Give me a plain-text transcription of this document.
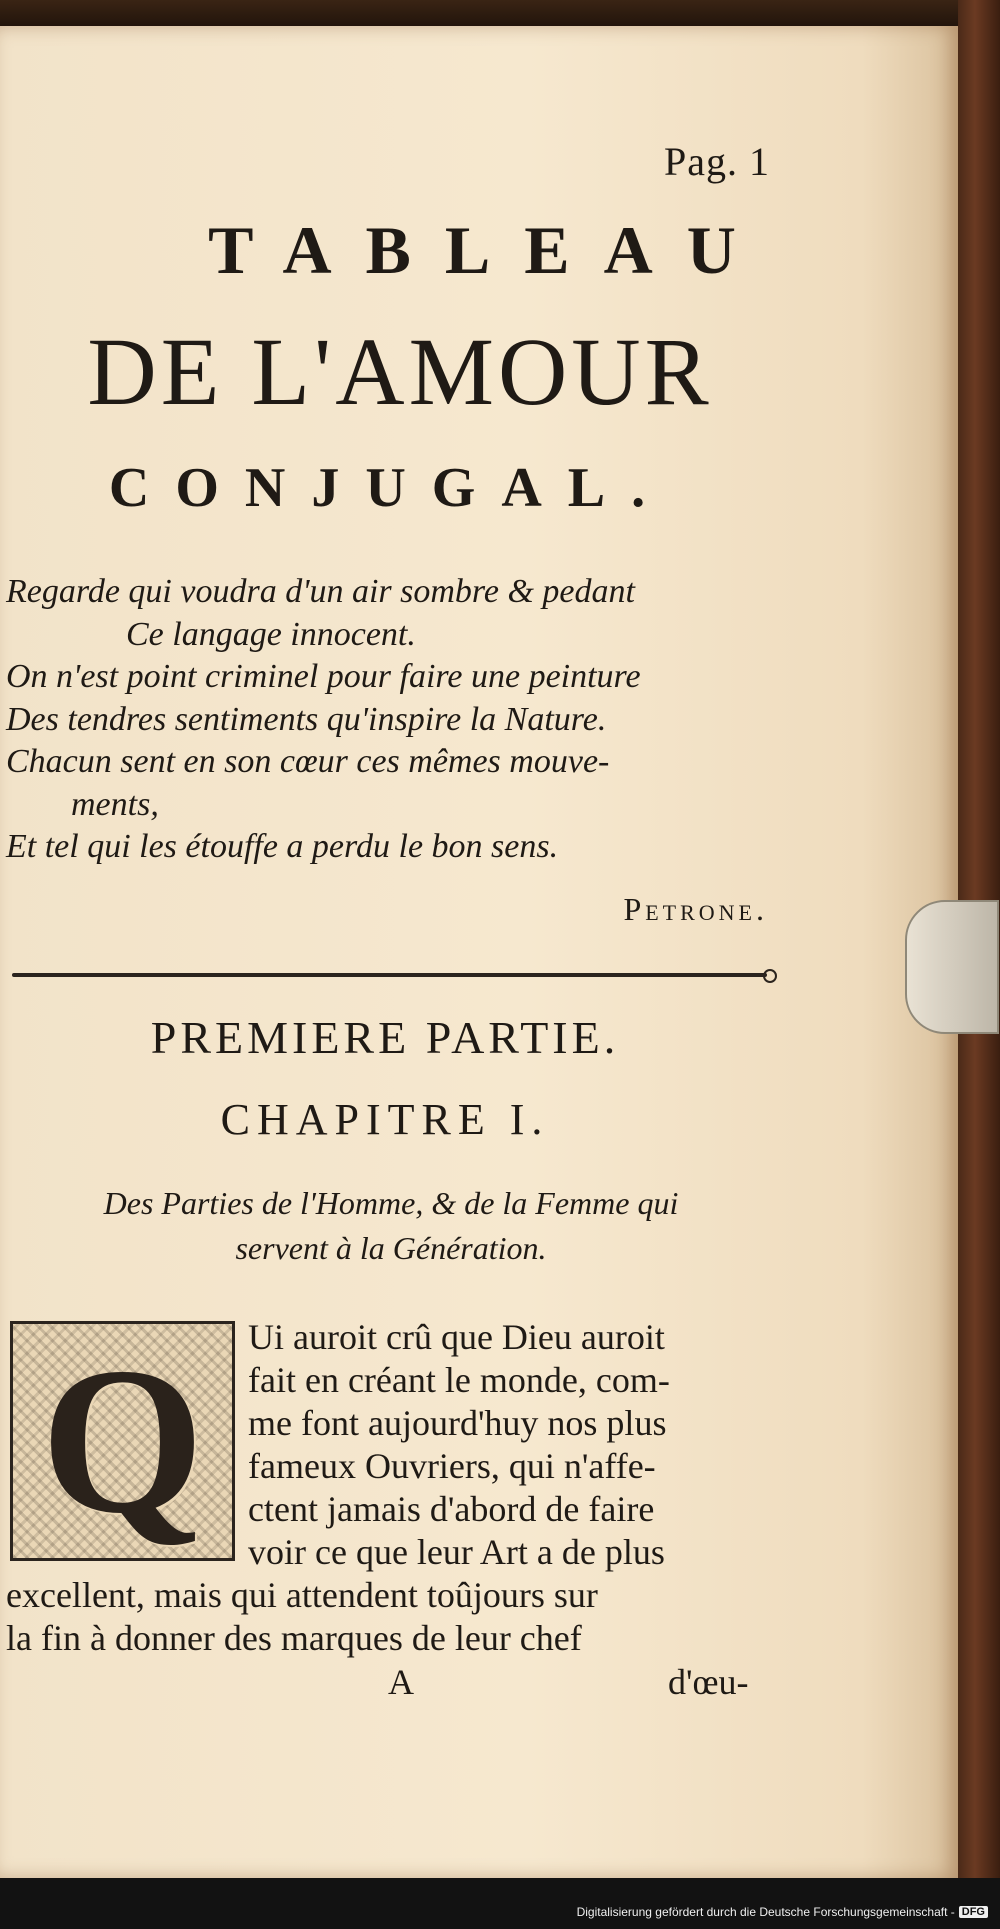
Pag. 1
TABLEAU
DE L'AMOUR
CONJUGAL.
Regarde qui voudra d'un air sombre & pedant
Ce langage innocent.
On n'est point criminel pour faire une peinture
Des tendres sentiments qu'inspire la Nature.
Chacun sent en son cœur ces mêmes mouve-
ments,
Et tel qui les étouffe a perdu le bon sens.
Petrone.
PREMIERE PARTIE.
CHAPITRE I.
Des Parties de l'Homme, & de la Femme qui
servent à la Génération.
Q	Ui auroit crû que Dieu auroit
fait en créant le monde, com-
me font aujourd'huy nos plus
fameux Ouvriers, qui n'affe-
ctent jamais d'abord de faire
voir ce que leur Art a de plus
excellent, mais qui attendent toûjours sur
la fin à donner des marques de leur chef
A	d'œu-
Digitalisierung gefördert durch die Deutsche Forschungsgemeinschaft - DFG
